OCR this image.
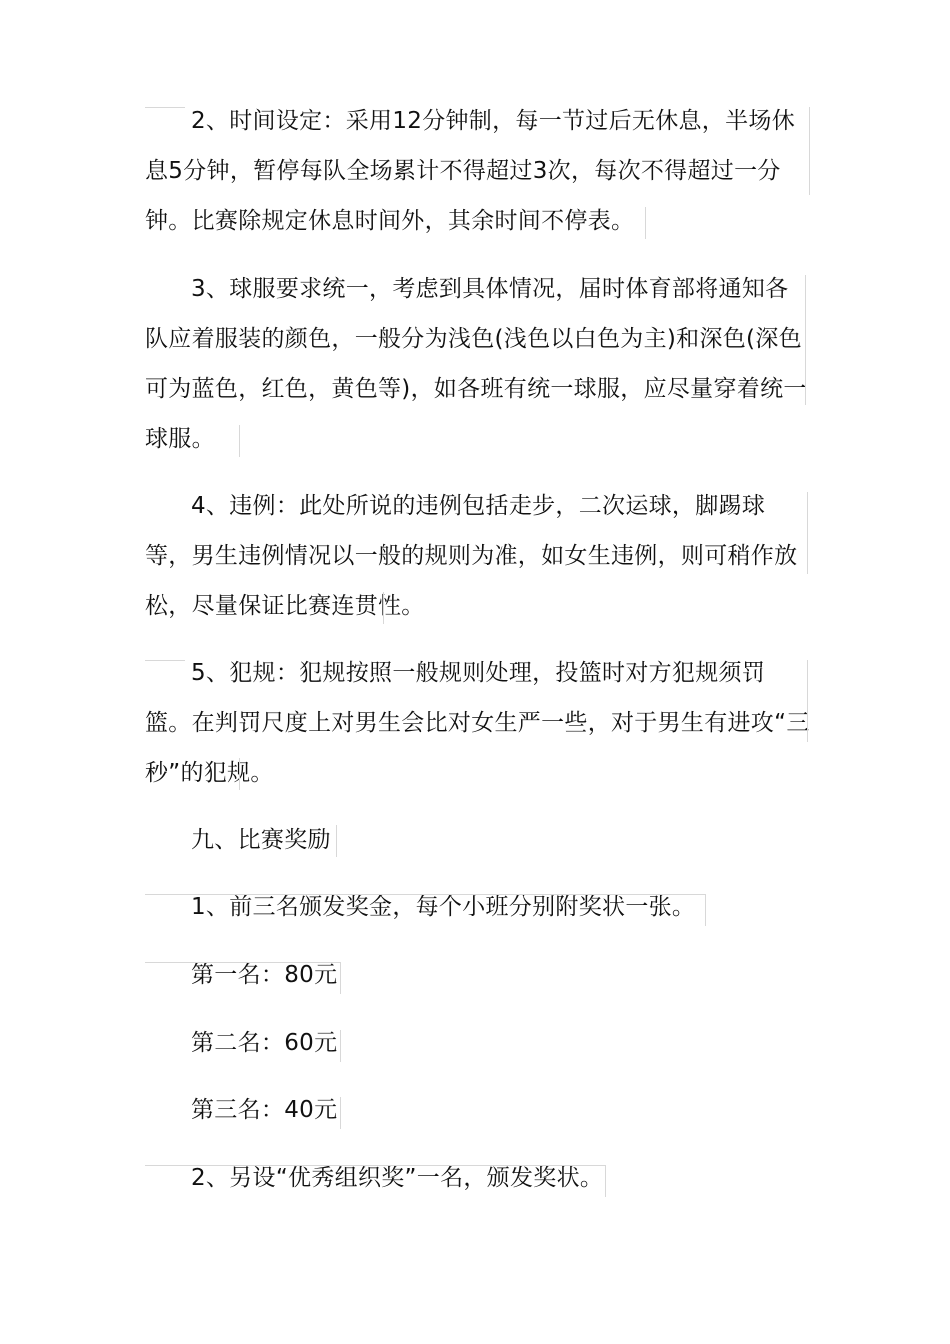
2、时间设定：采用12分钟制，每一节过后无休息，半场休息5分钟，暂停每队全场累计不得超过3次，每次不得超过一分钟。比赛除规定休息时间外，其余时间不停表。

3、球服要求统一，考虑到具体情况，届时体育部将通知各队应着服装的颜色，一般分为浅色(浅色以白色为主)和深色(深色可为蓝色，红色，黄色等)，如各班有统一球服，应尽量穿着统一球服。

4、违例：此处所说的违例包括走步，二次运球，脚踢球等，男生违例情况以一般的规则为准，如女生违例，则可稍作放松，尽量保证比赛连贯性。

5、犯规：犯规按照一般规则处理，投篮时对方犯规须罚篮。在判罚尺度上对男生会比对女生严一些，对于男生有进攻“三秒”的犯规。

九、比赛奖励
1、前三名颁发奖金，每个小班分别附奖状一张。
第一名：80元
第二名：60元
第三名：40元
2、另设“优秀组织奖”一名，颁发奖状。
